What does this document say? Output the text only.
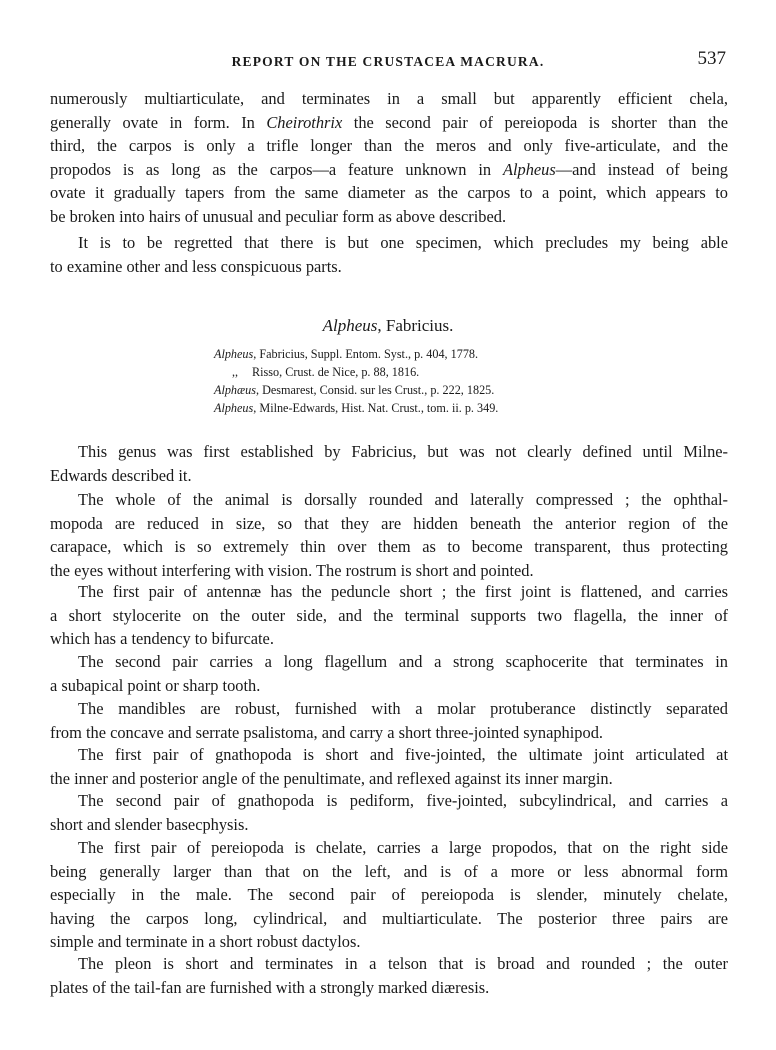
REPORT ON THE CRUSTACEA MACRURA.	537
numerously multiarticulate, and terminates in a small but apparently efficient chela,
generally ovate in form. In Cheirothrix the second pair of pereiopoda is shorter than the
third, the carpos is only a trifle longer than the meros and only five-articulate, and the
propodos is as long as the carpos—a feature unknown in Alpheus—and instead of being
ovate it gradually tapers from the same diameter as the carpos to a point, which appears to
be broken into hairs of unusual and peculiar form as above described.
It is to be regretted that there is but one specimen, which precludes my being able
to examine other and less conspicuous parts.
Alpheus, Fabricius.
Alpheus, Fabricius, Suppl. Entom. Syst., p. 404, 1778.
,, Risso, Crust. de Nice, p. 88, 1816.
Alphæus, Desmarest, Consid. sur les Crust., p. 222, 1825.
Alpheus, Milne-Edwards, Hist. Nat. Crust., tom. ii. p. 349.
This genus was first established by Fabricius, but was not clearly defined until Milne-
Edwards described it.
The whole of the animal is dorsally rounded and laterally compressed ; the ophthal-
mopoda are reduced in size, so that they are hidden beneath the anterior region of the
carapace, which is so extremely thin over them as to become transparent, thus protecting
the eyes without interfering with vision. The rostrum is short and pointed.
The first pair of antennæ has the peduncle short ; the first joint is flattened, and carries
a short stylocerite on the outer side, and the terminal supports two flagella, the inner of
which has a tendency to bifurcate.
The second pair carries a long flagellum and a strong scaphocerite that terminates in
a subapical point or sharp tooth.
The mandibles are robust, furnished with a molar protuberance distinctly separated
from the concave and serrate psalistoma, and carry a short three-jointed synaphipod.
The first pair of gnathopoda is short and five-jointed, the ultimate joint articulated at
the inner and posterior angle of the penultimate, and reflexed against its inner margin.
The second pair of gnathopoda is pediform, five-jointed, subcylindrical, and carries a
short and slender basecphysis.
The first pair of pereiopoda is chelate, carries a large propodos, that on the right side
being generally larger than that on the left, and is of a more or less abnormal form
especially in the male. The second pair of pereiopoda is slender, minutely chelate,
having the carpos long, cylindrical, and multiarticulate. The posterior three pairs are
simple and terminate in a short robust dactylos.
The pleon is short and terminates in a telson that is broad and rounded ; the outer
plates of the tail-fan are furnished with a strongly marked diæresis.
